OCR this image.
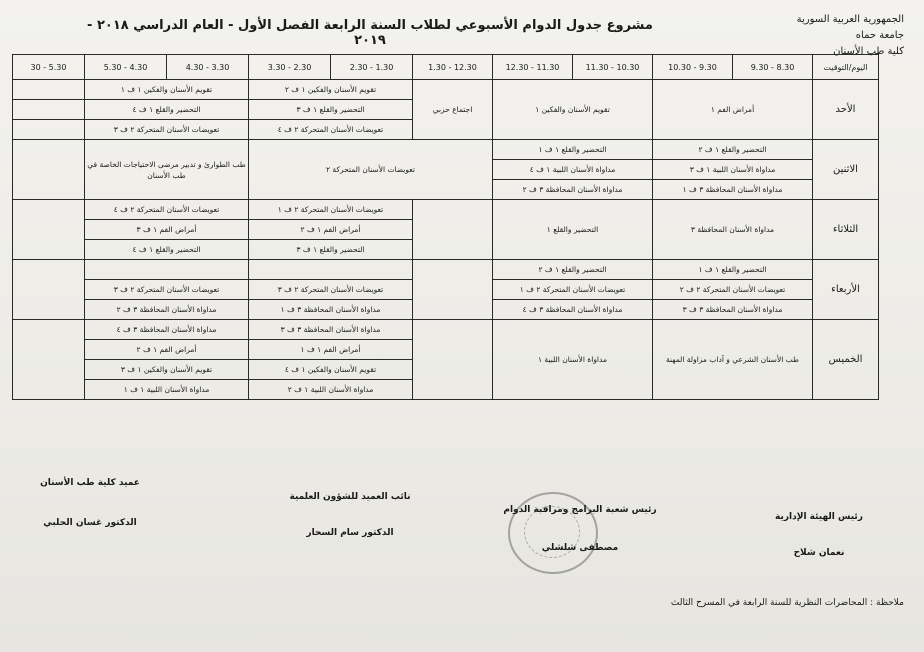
الجمهورية العربية السورية
جامعة حماه
كلية طب الأسنان
مشروع جدول الدوام الأسبوعي لطلاب السنة الرابعة الفصل الأول - العام الدراسي ٢٠١٨ - ٢٠١٩
اليوم/التوقيت	8.30 - 9.30	9.30 - 10.30	10.30 - 11.30	11.30 - 12.30	12.30 - 1.30	1.30 - 2.30	2.30 - 3.30	3.30 - 4.30	4.30 - 5.30	5.30 - 30
الأحد	أمراض الفم ١		تقويم الأسنان والفكين ١		اجتماع حزبي	تقويم الأسنان والفكين ١ ف ٢		تقويم الأسنان والفكين ١ ف ١		
						التحضير والقلع ١ ف ٣		التحضير والقلع ١ ف ٤		
						تعويضات الأسنان المتحركة ٢ ف ٤		تعويضات الأسنان المتحركة ٢ ف ٣		
الاثنين	التحضير والقلع ١ ف ٢		التحضير والقلع ١ ف ١		تعويضات الأسنان المتحركة ٢			طب الطوارئ و تدبير مرضى الاحتياجات الخاصة في طب الأسنان		
	مداواة الأسنان اللبية ١ ف ٣		مداواة الأسنان اللبية ١ ف ٤							
	مداواة الأسنان المحافظة ٣ ف ١		مداواة الأسنان المحافظة ٣ ف ٢							
الثلاثاء	مداواة الأسنان المحافظة ٣		التحضير والقلع ١			تعويضات الأسنان المتحركة ٢ ف ١		تعويضات الأسنان المتحركة ٢ ف ٤		
						أمراض الفم ١ ف ٢		أمراض الفم ١ ف ٣		
						التحضير والقلع ١ ف ٣		التحضير والقلع ١ ف ٤		
الأربعاء	التحضير والقلع ١ ف ١		التحضير والقلع ١ ف ٢							
	تعويضات الأسنان المتحركة ٢ ف ٢		تعويضات الأسنان المتحركة ٢ ف ١			تعويضات الأسنان المتحركة ٢ ف ٣		تعويضات الأسنان المتحركة ٢ ف ٣		
	مداواة الأسنان المحافظة ٣ ف ٣		مداواة الأسنان المحافظة ٣ ف ٤			مداواة الأسنان المحافظة ٣ ف ١		مداواة الأسنان المحافظة ٣ ف ٢		
الخميس	طب الأسنان الشرعي و آداب مزاولة المهنة		مداواة الأسنان اللبية ١			مداواة الأسنان المحافظة ٣ ف ٣		مداواة الأسنان المحافظة ٣ ف ٤		
						أمراض الفم ١ ف ١		أمراض الفم ١ ف ٢		
						تقويم الأسنان والفكين ١ ف ٤		تقويم الأسنان والفكين ١ ف ٣		
						مداواة الأسنان اللبية ١ ف ٢		مداواة الأسنان اللبية ١ ف ١		
رئيس الهيئة الإدارية
نعمان شلاح
رئيس شعبة البرامج ومراقبة الدوام
مصطفى شلشلي
نائب العميد للشؤون العلمية
الدكتور سام السحار
عميد كلية طب الأسنان
الدكتور غسان الحلبي
ملاحظة : المحاضرات النظرية للسنة الرابعة في المسرح الثالث
